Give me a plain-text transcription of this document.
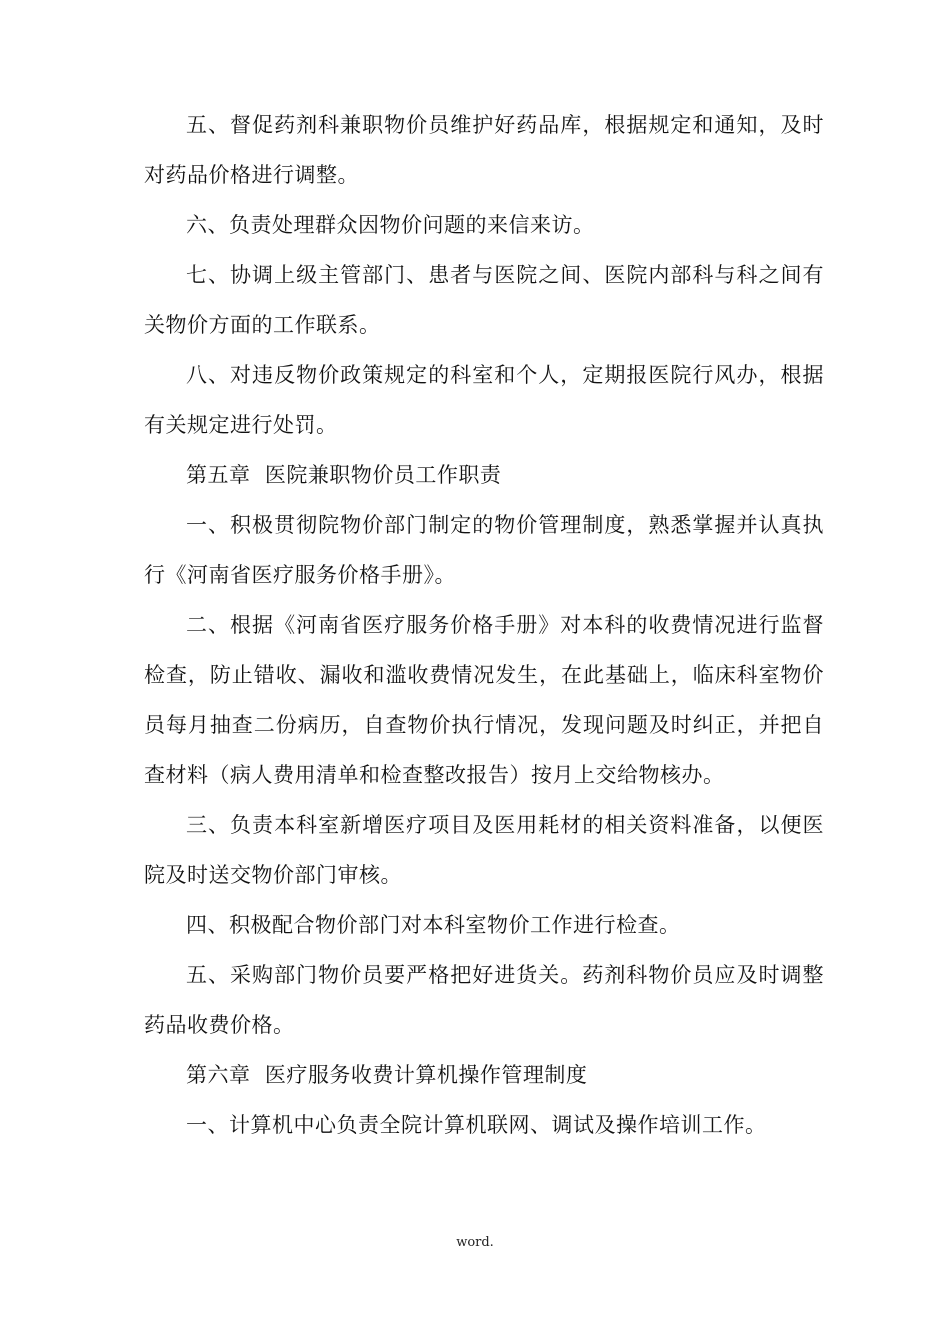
五、督促药剂科兼职物价员维护好药品库，根据规定和通知，及时对药品价格进行调整。

六、负责处理群众因物价问题的来信来访。

七、协调上级主管部门、患者与医院之间、医院内部科与科之间有关物价方面的工作联系。

八、对违反物价政策规定的科室和个人，定期报医院行风办，根据有关规定进行处罚。

第五章  医院兼职物价员工作职责

一、积极贯彻院物价部门制定的物价管理制度，熟悉掌握并认真执行《河南省医疗服务价格手册》。

二、根据《河南省医疗服务价格手册》对本科的收费情况进行监督检查，防止错收、漏收和滥收费情况发生，在此基础上，临床科室物价员每月抽查二份病历，自查物价执行情况，发现问题及时纠正，并把自查材料（病人费用清单和检查整改报告）按月上交给物核办。

三、负责本科室新增医疗项目及医用耗材的相关资料准备，以便医院及时送交物价部门审核。

四、积极配合物价部门对本科室物价工作进行检查。

五、采购部门物价员要严格把好进货关。药剂科物价员应及时调整药品收费价格。

第六章  医疗服务收费计算机操作管理制度

一、计算机中心负责全院计算机联网、调试及操作培训工作。

word.
